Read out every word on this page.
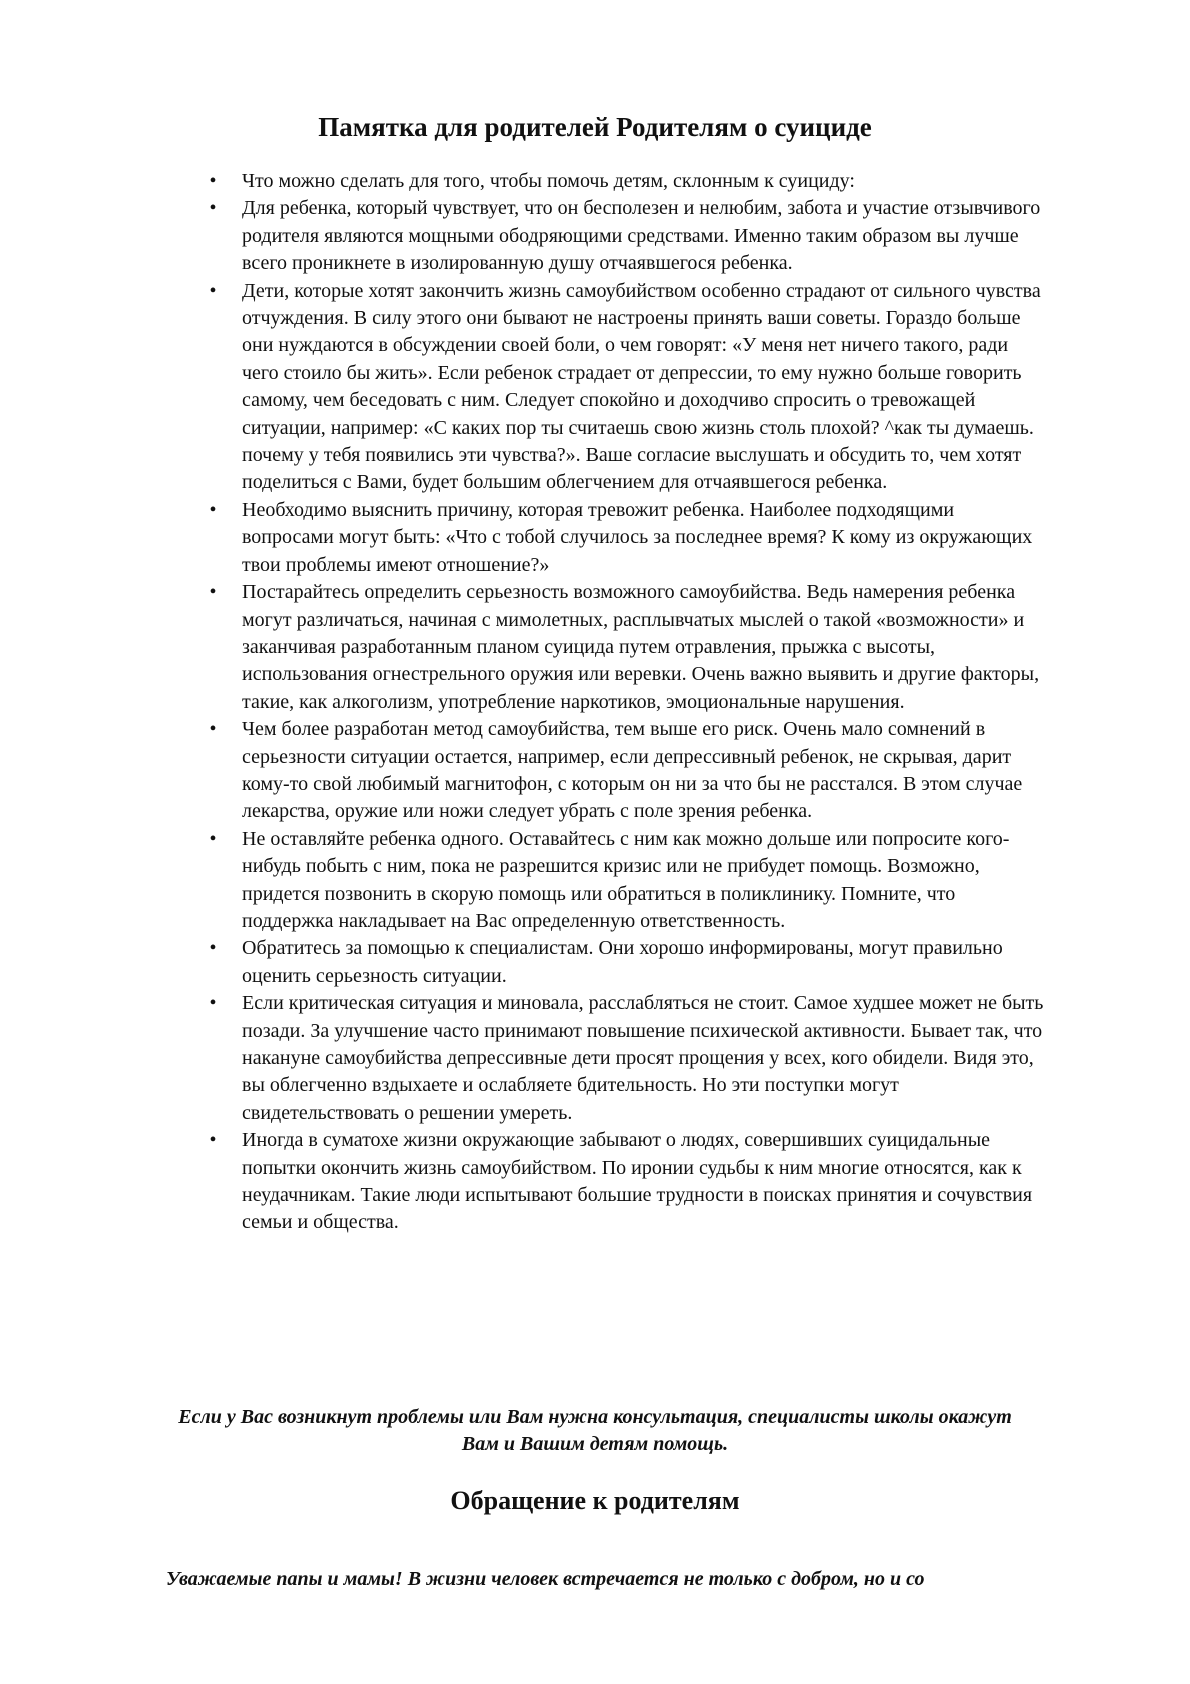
Памятка для родителей Родителям о суициде
• Что можно сделать для того, чтобы помочь детям, склонным к суициду:
• Для ребенка, который чувствует, что он бесполезен и нелюбим, забота и участие отзывчивого родителя являются мощными ободряющими средствами. Именно таким образом вы лучше всего проникнете в изолированную душу отчаявшегося ребенка.
• Дети, которые хотят закончить жизнь самоубийством особенно страдают от сильного чувства отчуждения. В силу этого они бывают не настроены принять ваши советы. Гораздо больше они нуждаются в обсуждении своей боли, о чем говорят: «У меня нет ничего такого, ради чего стоило бы жить». Если ребенок страдает от депрессии, то ему нужно больше говорить самому, чем беседовать с ним. Следует спокойно и доходчиво спросить о тревожащей ситуации, например: «С каких пор ты считаешь свою жизнь столь плохой? ^как ты думаешь. почему у тебя появились эти чувства?». Ваше согласие выслушать и обсудить то, чем хотят поделиться с Вами, будет большим облегчением для отчаявшегося ребенка.
• Необходимо выяснить причину, которая тревожит ребенка. Наиболее подходящими вопросами могут быть: «Что с тобой случилось за последнее время? К кому из окружающих твои проблемы имеют отношение?»
• Постарайтесь определить серьезность возможного самоубийства. Ведь намерения ребенка могут различаться, начиная с мимолетных, расплывчатых мыслей о такой «возможности» и заканчивая разработанным планом суицида путем отравления, прыжка с высоты, использования огнестрельного оружия или веревки. Очень важно выявить и другие факторы, такие, как алкоголизм, употребление наркотиков, эмоциональные нарушения.
• Чем более разработан метод самоубийства, тем выше его риск. Очень мало сомнений в серьезности ситуации остается, например, если депрессивный ребенок, не скрывая, дарит кому-то свой любимый магнитофон, с которым он ни за что бы не расстался. В этом случае лекарства, оружие или ножи следует убрать с поле зрения ребенка.
• Не оставляйте ребенка одного. Оставайтесь с ним как можно дольше или попросите кого-нибудь побыть с ним, пока не разрешится кризис или не прибудет помощь. Возможно, придется позвонить в скорую помощь или обратиться в поликлинику. Помните, что поддержка накладывает на Вас определенную ответственность.
• Обратитесь за помощью к специалистам. Они хорошо информированы, могут правильно оценить серьезность ситуации.
• Если критическая ситуация и миновала, расслабляться не стоит. Самое худшее может не быть позади. За улучшение часто принимают повышение психической активности. Бывает так, что накануне самоубийства депрессивные дети просят прощения у всех, кого обидели. Видя это, вы облегченно вздыхаете и ослабляете бдительность. Но эти поступки могут свидетельствовать о решении умереть.
• Иногда в суматохе жизни окружающие забывают о людях, совершивших суицидальные попытки окончить жизнь самоубийством. По иронии судьбы к ним многие относятся, как к неудачникам. Такие люди испытывают большие трудности в поисках принятия и сочувствия семьи и общества.

Если у Вас возникнут проблемы или Вам нужна консультация, специалисты школы окажут Вам и Вашим детям помощь.

Обращение к родителям

Уважаемые папы и мамы! В жизни человек встречается не только с добром, но и со
